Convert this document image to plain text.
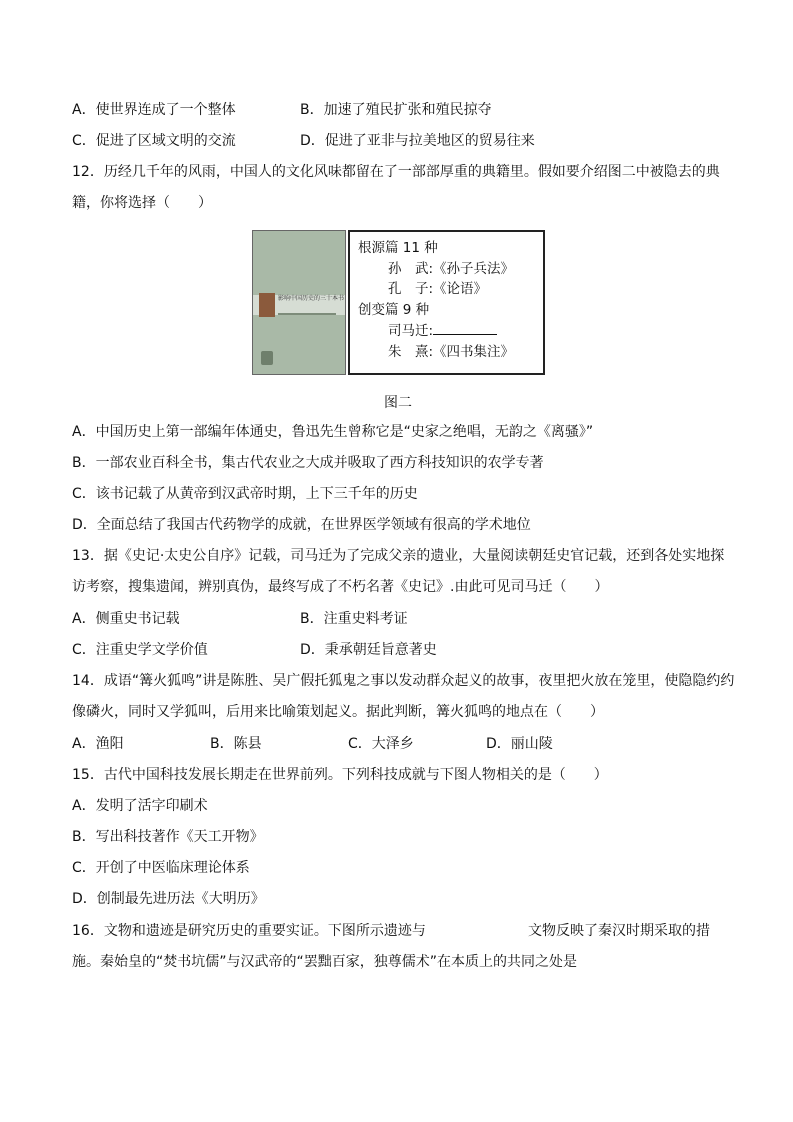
A．使世界连成了一个整体	B．加速了殖民扩张和殖民掠夺
C．促进了区域文明的交流	D．促进了亚非与拉美地区的贸易往来
12．历经几千年的风雨，中国人的文化风味都留在了一部部厚重的典籍里。假如要介绍图二中被隐去的典
籍，你将选择（　　）
影响中国历史的三十本书
根源篇 11 种
孙　武:《孙子兵法》
孔　子:《论语》
创变篇 9 种
司马迁:
朱　熹:《四书集注》
图二
A．中国历史上第一部编年体通史，鲁迅先生曾称它是“史家之绝唱，无韵之《离骚》”
B．一部农业百科全书，集古代农业之大成并吸取了西方科技知识的农学专著
C．该书记载了从黄帝到汉武帝时期，上下三千年的历史
D．全面总结了我国古代药物学的成就，在世界医学领域有很高的学术地位
13．据《史记·太史公自序》记载，司马迁为了完成父亲的遗业，大量阅读朝廷史官记载，还到各处实地探
访考察，搜集遗闻，辨别真伪，最终写成了不朽名著《史记》.由此可见司马迁（　　）
A．侧重史书记载	B．注重史料考证
C．注重史学文学价值	D．秉承朝廷旨意著史
14．成语“篝火狐鸣”讲是陈胜、吴广假托狐鬼之事以发动群众起义的故事，夜里把火放在笼里，使隐隐约约
像磷火，同时又学狐叫，后用来比喻策划起义。据此判断，篝火狐鸣的地点在（　　）
A．渔阳	B．陈县	C．大泽乡	D．丽山陵
15．古代中国科技发展长期走在世界前列。下列科技成就与下图人物相关的是（　　）
A．发明了活字印刷术
B．写出科技著作《天工开物》
C．开创了中医临床理论体系
D．创制最先进历法《大明历》
16．文物和遗迹是研究历史的重要实证。下图所示遗迹与	文物反映了秦汉时期采取的措
施。秦始皇的“焚书坑儒”与汉武帝的“罢黜百家，独尊儒术”在本质上的共同之处是
